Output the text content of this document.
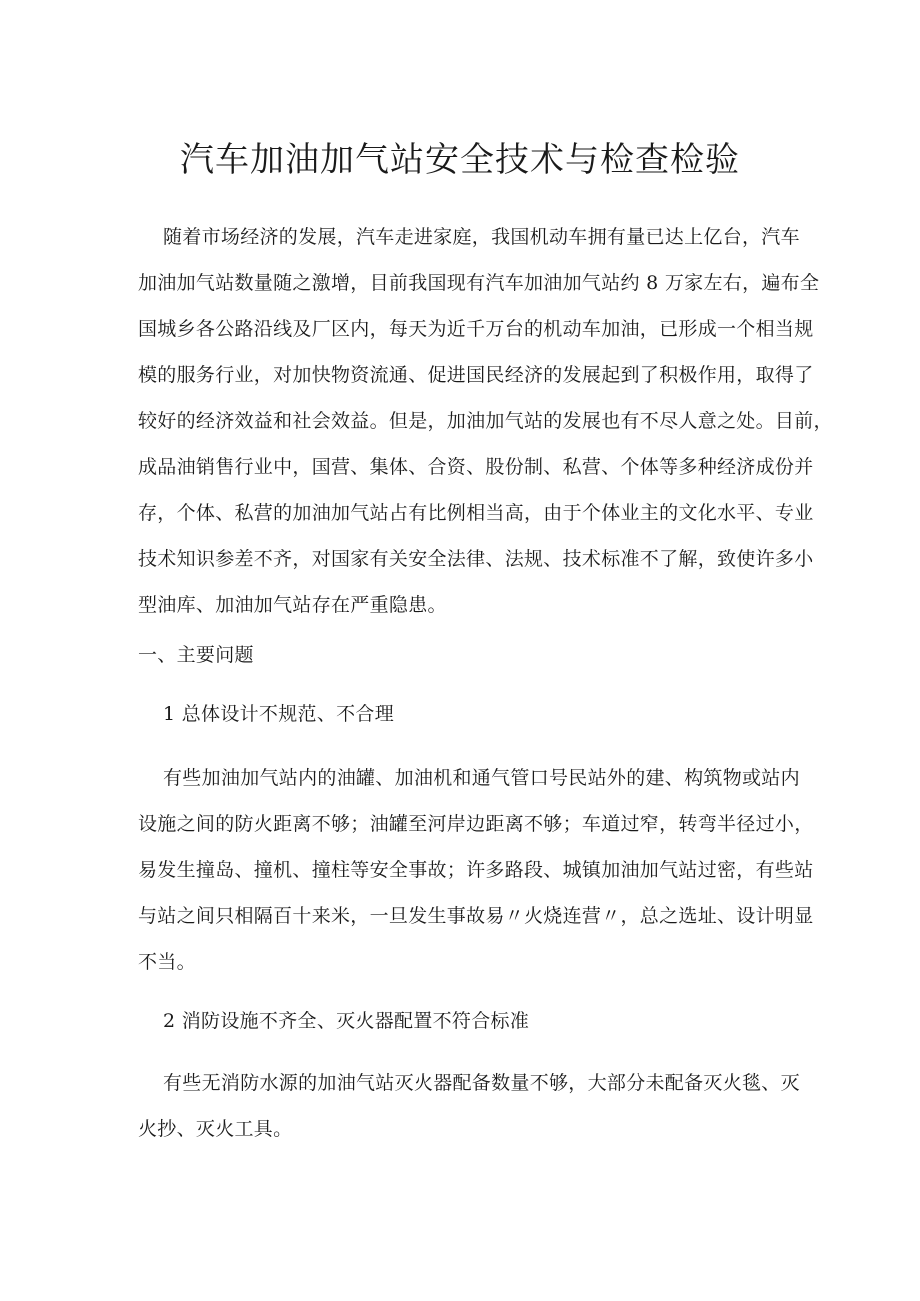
汽车加油加气站安全技术与检查检验
随着市场经济的发展，汽车走进家庭，我国机动车拥有量已达上亿台，汽车
加油加气站数量随之激增，目前我国现有汽车加油加气站约 8 万家左右，遍布全
国城乡各公路沿线及厂区内，每天为近千万台的机动车加油，已形成一个相当规
模的服务行业，对加快物资流通、促进国民经济的发展起到了积极作用，取得了
较好的经济效益和社会效益。但是，加油加气站的发展也有不尽人意之处。目前，
成品油销售行业中，国营、集体、合资、股份制、私营、个体等多种经济成份并
存，个体、私营的加油加气站占有比例相当高，由于个体业主的文化水平、专业
技术知识参差不齐，对国家有关安全法律、法规、技术标准不了解，致使许多小
型油库、加油加气站存在严重隐患。
一、主要问题
1 总体设计不规范、不合理
有些加油加气站内的油罐、加油机和通气管口号民站外的建、构筑物或站内
设施之间的防火距离不够；油罐至河岸边距离不够；车道过窄，转弯半径过小，
易发生撞岛、撞机、撞柱等安全事故；许多路段、城镇加油加气站过密，有些站
与站之间只相隔百十来米，一旦发生事故易〃火烧连营〃，总之选址、设计明显
不当。
2 消防设施不齐全、灭火器配置不符合标准
有些无消防水源的加油气站灭火器配备数量不够，大部分未配备灭火毯、灭
火抄、灭火工具。
